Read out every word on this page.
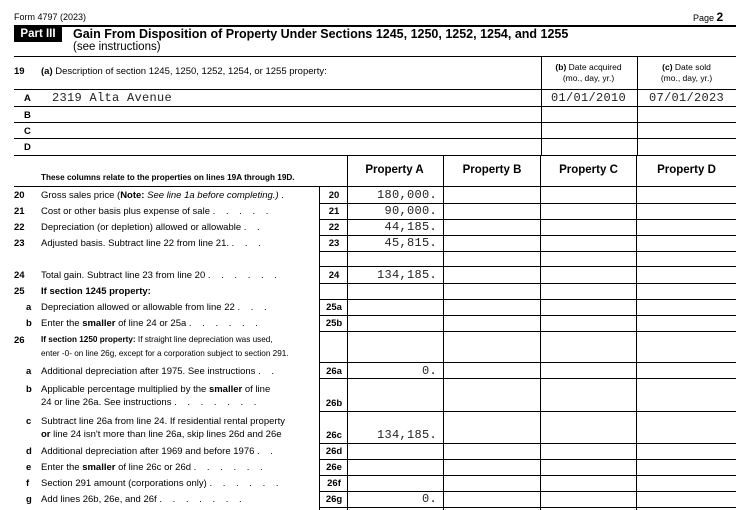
Form 4797 (2023)	Page 2
Part III	Gain From Disposition of Property Under Sections 1245, 1250, 1252, 1254, and 1255
(see instructions)
19 (a) Description of section 1245, 1250, 1252, 1254, or 1255 property:	(b) Date acquired
(mo., day, yr.)
(c) Date sold
(mo., day, yr.)
A 2319 Alta Avenue	01/01/2010	07/01/2023
B
C
D
These columns relate to the properties on lines 19A through 19D.
Property A	Property B	Property C	Property D
20 Gross sales price (Note: See line 1a before completing.) .	20	180,000.
21 Cost or other basis plus expense of sale . . . . .	21	90,000.
22 Depreciation (or depletion) allowed or allowable . .	22	44,185.
23 Adjusted basis. Subtract line 22 from line 21. . . .	23	45,815.
24 Total gain. Subtract line 23 from line 20 . . . . . .	24	134,185.
25 If section 1245 property:
a Depreciation allowed or allowable from line 22 . . .	25a
b Enter the smaller of line 24 or 25a . . . . . .	25b
26 If section 1250 property: If straight line depreciation was used,
enter -0- on line 26g, except for a corporation subject to section 291.
a Additional depreciation after 1975. See instructions . .	26a	0.
b Applicable percentage multiplied by the smaller of line
24 or line 26a. See instructions . . . . . . .	26b
c Subtract line 26a from line 24. If residential rental property
or line 24 isn't more than line 26a, skip lines 26d and 26e	26c	134,185.
d Additional depreciation after 1969 and before 1976 . .	26d
e Enter the smaller of line 26c or 26d . . . . . .	26e
f Section 291 amount (corporations only) . . . . . .	26f
g Add lines 26b, 26e, and 26f . . . . . . .	26g	0.
